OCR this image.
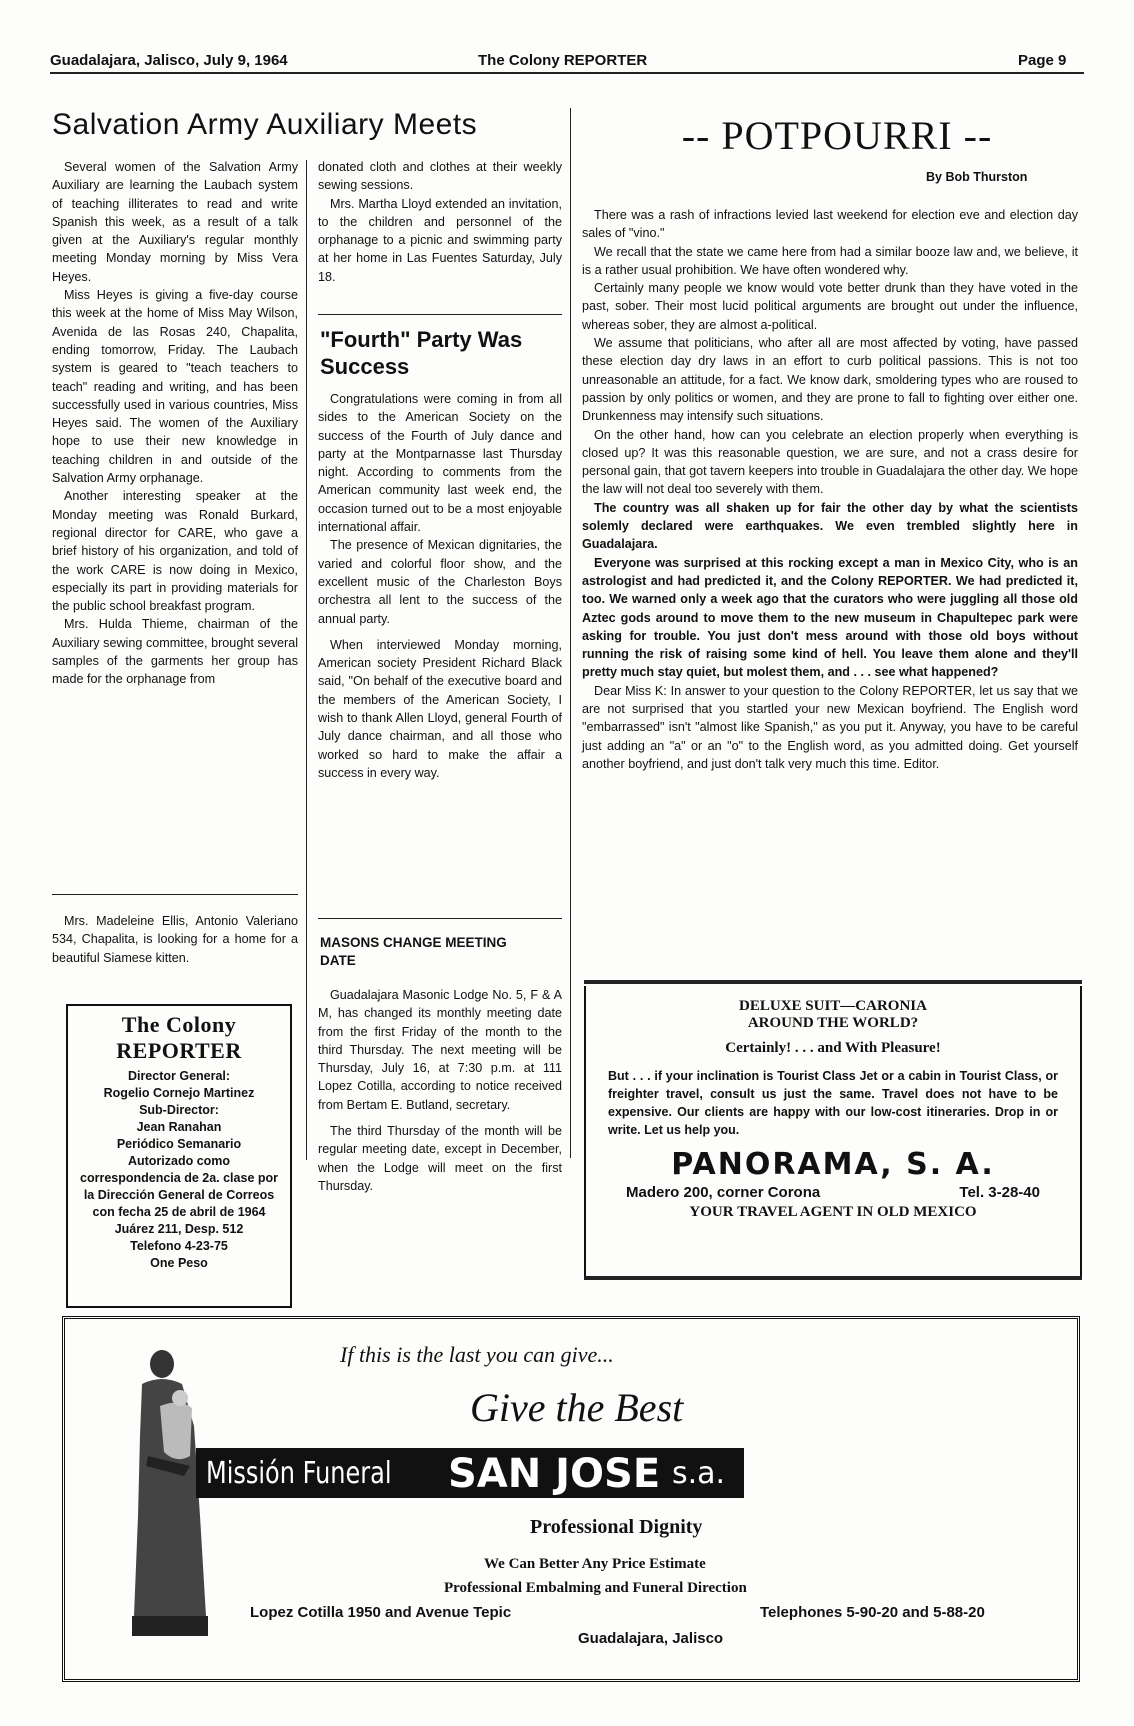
Guadalajara, Jalisco, July 9, 1964	The Colony REPORTER	Page 9
Salvation Army Auxiliary Meets

Several women of the Salvation Army Auxiliary are learning the Laubach system of teaching illiterates to read and write Spanish this week, as a result of a talk given at the Auxiliary's regular monthly meeting Monday morning by Miss Vera Heyes.

Miss Heyes is giving a five-day course this week at the home of Miss May Wilson, Avenida de las Rosas 240, Chapalita, ending tomorrow, Friday. The Laubach system is geared to "teach teachers to teach" reading and writing, and has been successfully used in various countries, Miss Heyes said. The women of the Auxiliary hope to use their new knowledge in teaching children in and outside of the Salvation Army orphanage.

Another interesting speaker at the Monday meeting was Ronald Burkard, regional director for CARE, who gave a brief history of his organization, and told of the work CARE is now doing in Mexico, especially its part in providing materials for the public school breakfast program.

Mrs. Hulda Thieme, chairman of the Auxiliary sewing committee, brought several samples of the garments her group has made for the orphanage from

donated cloth and clothes at their weekly sewing sessions.

Mrs. Martha Lloyd extended an invitation, to the children and personnel of the orphanage to a picnic and swimming party at her home in Las Fuentes Saturday, July 18.

Mrs. Madeleine Ellis, Antonio Valeriano 534, Chapalita, is looking for a home for a beautiful Siamese kitten.

The Colony REPORTER
Director General:
Rogelio Cornejo Martinez
Sub-Director:
Jean Ranahan
Periódico Semanario
Autorizado como correspondencia de 2a. clase por la Dirección General de Correos con fecha 25 de abril de 1964
Juárez 211, Desp. 512
Telefono 4-23-75
One Peso
"Fourth" Party Was Success

Congratulations were coming in from all sides to the American Society on the success of the Fourth of July dance and party at the Montparnasse last Thursday night. According to comments from the American community last week end, the occasion turned out to be a most enjoyable international affair.

The presence of Mexican dignitaries, the varied and colorful floor show, and the excellent music of the Charleston Boys orchestra all lent to the success of the annual party.

When interviewed Monday morning, American society President Richard Black said, "On behalf of the executive board and the members of the American Society, I wish to thank Allen Lloyd, general Fourth of July dance chairman, and all those who worked so hard to make the affair a success in every way.

MASONS CHANGE MEETING DATE

Guadalajara Masonic Lodge No. 5, F & A M, has changed its monthly meeting date from the first Friday of the month to the third Thursday. The next meeting will be Thursday, July 16, at 7:30 p.m. at 111 Lopez Cotilla, according to notice received from Bertam E. Butland, secretary.

The third Thursday of the month will be regular meeting date, except in December, when the Lodge will meet on the first Thursday.

-- POTPOURRI --
By Bob Thurston

There was a rash of infractions levied last weekend for election eve and election day sales of "vino."

We recall that the state we came here from had a similar booze law and, we believe, it is a rather usual prohibition. We have often wondered why.

Certainly many people we know would vote better drunk than they have voted in the past, sober. Their most lucid political arguments are brought out under the influence, whereas sober, they are almost a-political.

We assume that politicians, who after all are most affected by voting, have passed these election day dry laws in an effort to curb political passions. This is not too unreasonable an attitude, for a fact. We know dark, smoldering types who are roused to passion by only politics or women, and they are prone to fall to fighting over either one. Drunkenness may intensify such situations.

On the other hand, how can you celebrate an election properly when everything is closed up? It was this reasonable question, we are sure, and not a crass desire for personal gain, that got tavern keepers into trouble in Guadalajara the other day. We hope the law will not deal too severely with them.

The country was all shaken up for fair the other day by what the scientists solemly declared were earthquakes. We even trembled slightly here in Guadalajara.

Everyone was surprised at this rocking except a man in Mexico City, who is an astrologist and had predicted it, and the Colony REPORTER. We had predicted it, too. We warned only a week ago that the curators who were juggling all those old Aztec gods around to move them to the new museum in Chapultepec park were asking for trouble. You just don't mess around with those old boys without running the risk of raising some kind of hell. You leave them alone and they'll pretty much stay quiet, but molest them, and . . . see what happened?

Dear Miss K: In answer to your question to the Colony REPORTER, let us say that we are not surprised that you startled your new Mexican boyfriend. The English word "embarrassed" isn't "almost like Spanish," as you put it. Anyway, you have to be careful just adding an "a" or an "o" to the English word, as you admitted doing. Get yourself another boyfriend, and just don't talk very much this time. Editor.

DELUXE SUIT—CARONIA
AROUND THE WORLD?
Certainly! . . . and With Pleasure!
But . . . if your inclination is Tourist Class Jet or a cabin in Tourist Class, or freighter travel, consult us just the same. Travel does not have to be expensive. Our clients are happy with our low-cost itineraries. Drop in or write. Let us help you.
PANORAMA, S. A.
Madero 200, corner Corona	Tel. 3-28-40
YOUR TRAVEL AGENT IN OLD MEXICO
If this is the last you can give...
Give the Best
Missión Funeral SAN JOSE s.a.
Professional Dignity
We Can Better Any Price Estimate
Professional Embalming and Funeral Direction
Lopez Cotilla 1950 and Avenue Tepic	Telephones 5-90-20 and 5-88-20
Guadalajara, Jalisco
